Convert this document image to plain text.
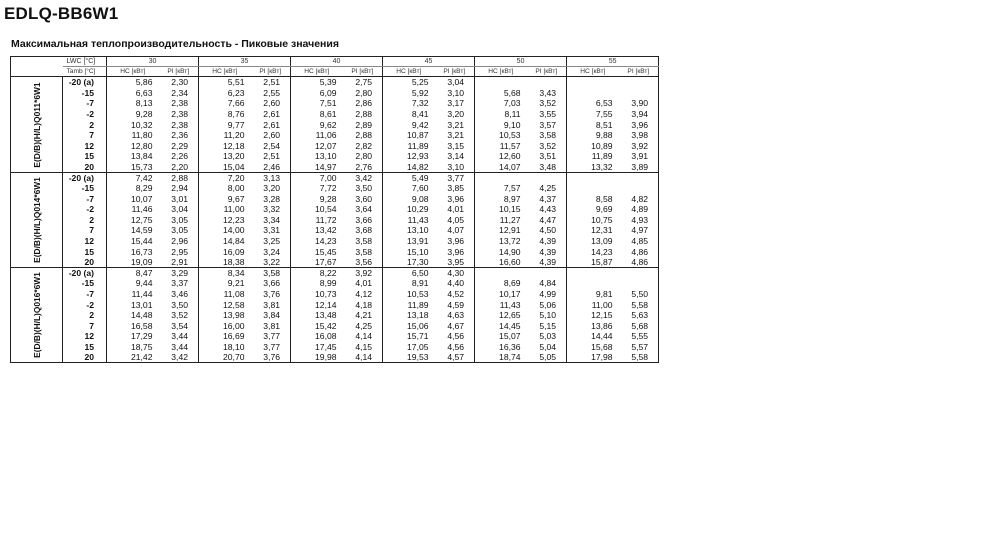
EDLQ-BB6W1
Максимальная теплопроизводительность - Пиковые значения
	LWC [°C]	30		35		40		45		50		55	
	Tamb [°C]	HC [кВт]	PI [кВт]	HC [кВт]	PI [кВт]	HC [кВт]	PI [кВт]	HC [кВт]	PI [кВт]	HC [кВт]	PI [кВт]	HC [кВт]	PI [кВт]

E(D/B)(H/L)Q011*6W1	-20 (a)	5,86	2,30	5,51	2,51	5,39	2,75	5,25	3,04				
	-15	6,63	2,34	6,23	2,55	6,09	2,80	5,92	3,10	5,68	3,43		
	-7	8,13	2,38	7,66	2,60	7,51	2,86	7,32	3,17	7,03	3,52	6,53	3,90
	-2	9,28	2,38	8,76	2,61	8,61	2,88	8,41	3,20	8,11	3,55	7,55	3,94
	2	10,32	2,38	9,77	2,61	9,62	2,89	9,42	3,21	9,10	3,57	8,51	3,96
	7	11,80	2,36	11,20	2,60	11,06	2,88	10,87	3,21	10,53	3,58	9,88	3,98
	12	12,80	2,29	12,18	2,54	12,07	2,82	11,89	3,15	11,57	3,52	10,89	3,92
	15	13,84	2,26	13,20	2,51	13,10	2,80	12,93	3,14	12,60	3,51	11,89	3,91
	20	15,73	2,20	15,04	2,46	14,97	2,76	14,82	3,10	14,07	3,48	13,32	3,89

E(D/B)(H/L)Q014*6W1	-20 (a)	7,42	2,88	7,20	3,13	7,00	3,42	5,49	3,77				
	-15	8,29	2,94	8,00	3,20	7,72	3,50	7,60	3,85	7,57	4,25		
	-7	10,07	3,01	9,67	3,28	9,28	3,60	9,08	3,96	8,97	4,37	8,58	4,82
	-2	11,46	3,04	11,00	3,32	10,54	3,64	10,29	4,01	10,15	4,43	9,69	4,89
	2	12,75	3,05	12,23	3,34	11,72	3,66	11,43	4,05	11,27	4,47	10,75	4,93
	7	14,59	3,05	14,00	3,31	13,42	3,68	13,10	4,07	12,91	4,50	12,31	4,97
	12	15,44	2,96	14,84	3,25	14,23	3,58	13,91	3,96	13,72	4,39	13,09	4,85
	15	16,73	2,95	16,09	3,24	15,45	3,58	15,10	3,96	14,90	4,39	14,23	4,86
	20	19,09	2,91	18,38	3,22	17,67	3,56	17,30	3,95	16,60	4,39	15,87	4,86

E(D/B)(H/L)Q016*6W1	-20 (a)	8,47	3,29	8,34	3,58	8,22	3,92	6,50	4,30				
	-15	9,44	3,37	9,21	3,66	8,99	4,01	8,91	4,40	8,69	4,84		
	-7	11,44	3,46	11,08	3,76	10,73	4,12	10,53	4,52	10,17	4,99	9,81	5,50
	-2	13,01	3,50	12,58	3,81	12,14	4,18	11,89	4,59	11,43	5,06	11,00	5,58
	2	14,48	3,52	13,98	3,84	13,48	4,21	13,18	4,63	12,65	5,10	12,15	5,63
	7	16,58	3,54	16,00	3,81	15,42	4,25	15,06	4,67	14,45	5,15	13,86	5,68
	12	17,29	3,44	16,69	3,77	16,08	4,14	15,71	4,56	15,07	5,03	14,44	5,55
	15	18,75	3,44	18,10	3,77	17,45	4,15	17,05	4,56	16,36	5,04	15,68	5,57
	20	21,42	3,42	20,70	3,76	19,98	4,14	19,53	4,57	18,74	5,05	17,98	5,58
